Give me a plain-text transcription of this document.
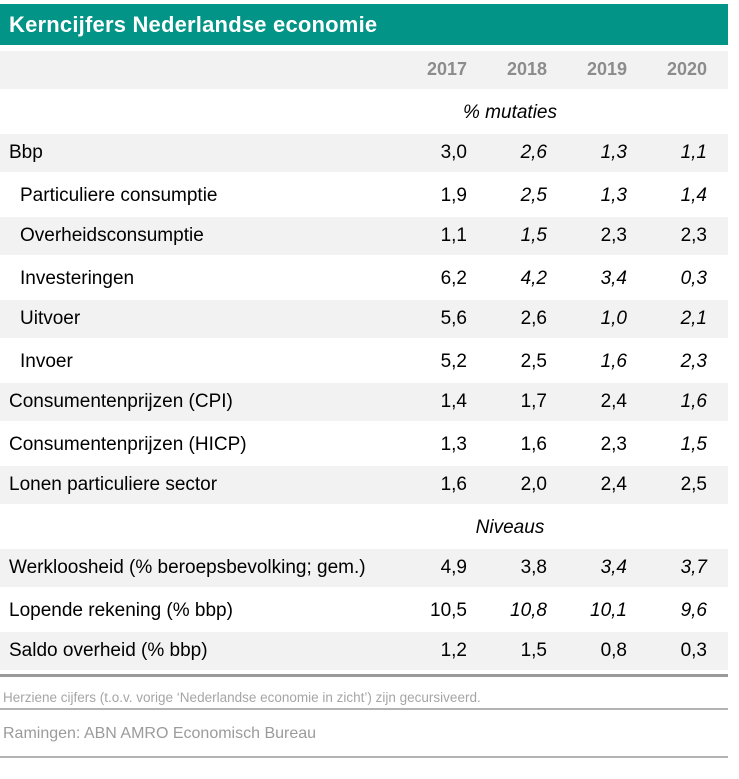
Kerncijfers Nederlandse economie
2017	2018	2019	2020
% mutaties
Bbp	3,0	2,6	1,3	1,1
Particuliere consumptie	1,9	2,5	1,3	1,4
Overheidsconsumptie	1,1	1,5	2,3	2,3
Investeringen	6,2	4,2	3,4	0,3
Uitvoer	5,6	2,6	1,0	2,1
Invoer	5,2	2,5	1,6	2,3
Consumentenprijzen (CPI)	1,4	1,7	2,4	1,6
Consumentenprijzen (HICP)	1,3	1,6	2,3	1,5
Lonen particuliere sector	1,6	2,0	2,4	2,5
Niveaus
Werkloosheid (% beroepsbevolking; gem.)	4,9	3,8	3,4	3,7
Lopende rekening (% bbp)	10,5	10,8	10,1	9,6
Saldo overheid (% bbp)	1,2	1,5	0,8	0,3
Herziene cijfers (t.o.v. vorige ‘Nederlandse economie in zicht’) zijn gecursiveerd.
Ramingen: ABN AMRO Economisch Bureau
